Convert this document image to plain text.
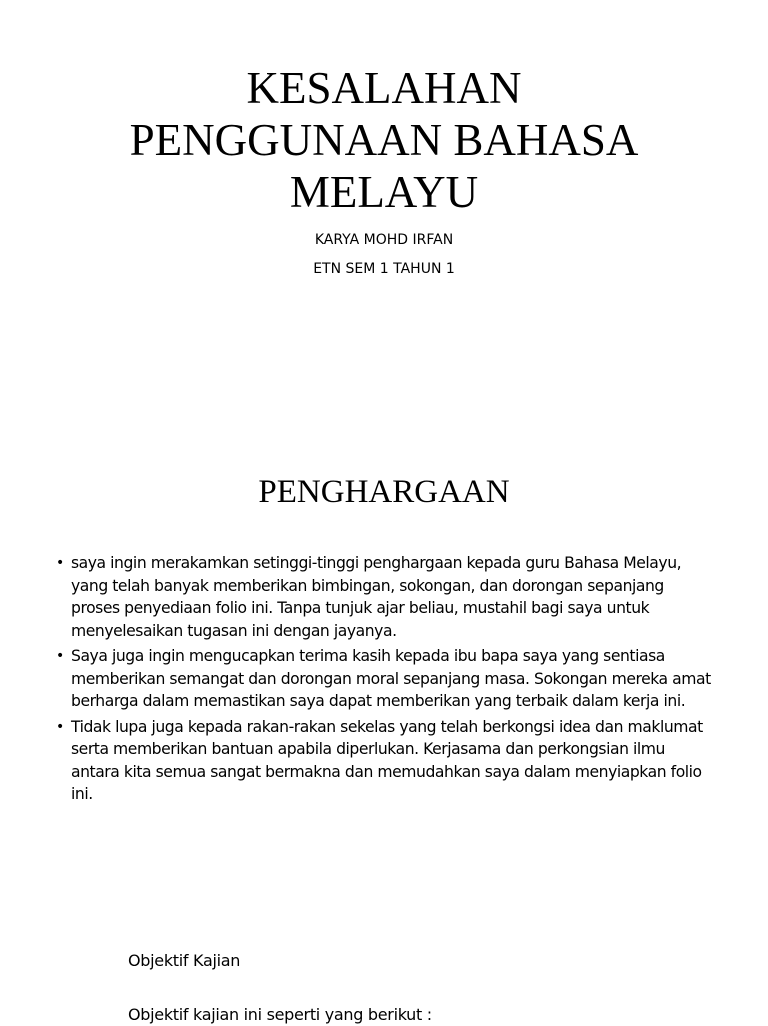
KESALAHAN
PENGGUNAAN BAHASA
MELAYU

KARYA MOHD IRFAN

ETN SEM 1 TAHUN 1

PENGHARGAAN
• saya ingin merakamkan setinggi-tinggi penghargaan kepada guru Bahasa Melayu, yang telah banyak memberikan bimbingan, sokongan, dan dorongan sepanjang proses penyediaan folio ini. Tanpa tunjuk ajar beliau, mustahil bagi saya untuk menyelesaikan tugasan ini dengan jayanya.
• Saya juga ingin mengucapkan terima kasih kepada ibu bapa saya yang sentiasa memberikan semangat dan dorongan moral sepanjang masa. Sokongan mereka amat berharga dalam memastikan saya dapat memberikan yang terbaik dalam kerja ini.
• Tidak lupa juga kepada rakan-rakan sekelas yang telah berkongsi idea dan maklumat serta memberikan bantuan apabila diperlukan. Kerjasama dan perkongsian ilmu antara kita semua sangat bermakna dan memudahkan saya dalam menyiapkan folio ini.

Objektif Kajian

Objektif kajian ini seperti yang berikut :
